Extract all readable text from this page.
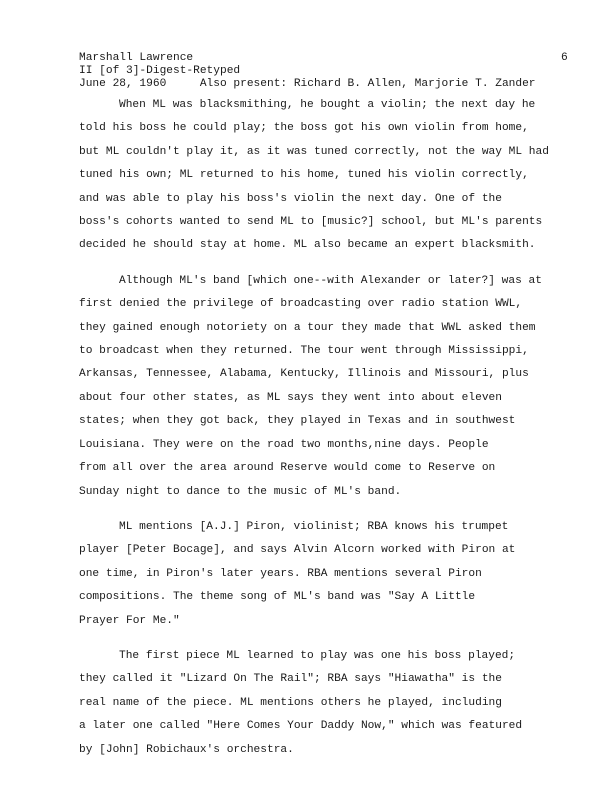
Marshall Lawrence
II [of 3]-Digest-Retyped
June 28, 1960     Also present: Richard B. Allen, Marjorie T. Zander
6
When ML was blacksmithing, he bought a violin; the next day he
told his boss he could play; the boss got his own violin from home,
but ML couldn't play it, as it was tuned correctly, not the way ML had
tuned his own; ML returned to his home, tuned his violin correctly,
and was able to play his boss's violin the next day. One of the
boss's cohorts wanted to send ML to [music?] school, but ML's parents
decided he should stay at home. ML also became an expert blacksmith.
Although ML's band [which one--with Alexander or later?] was at
first denied the privilege of broadcasting over radio station WWL,
they gained enough notoriety on a tour they made that WWL asked them
to broadcast when they returned. The tour went through Mississippi,
Arkansas, Tennessee, Alabama, Kentucky, Illinois and Missouri, plus
about four other states, as ML says they went into about eleven
states; when they got back, they played in Texas and in southwest
Louisiana. They were on the road two months,nine days. People
from all over the area around Reserve would come to Reserve on
Sunday night to dance to the music of ML's band.
ML mentions [A.J.] Piron, violinist; RBA knows his trumpet
player [Peter Bocage], and says Alvin Alcorn worked with Piron at
one time, in Piron's later years. RBA mentions several Piron
compositions. The theme song of ML's band was "Say A Little
Prayer For Me."
The first piece ML learned to play was one his boss played;
they called it "Lizard On The Rail"; RBA says "Hiawatha" is the
real name of the piece. ML mentions others he played, including
a later one called "Here Comes Your Daddy Now," which was featured
by [John] Robichaux's orchestra.
